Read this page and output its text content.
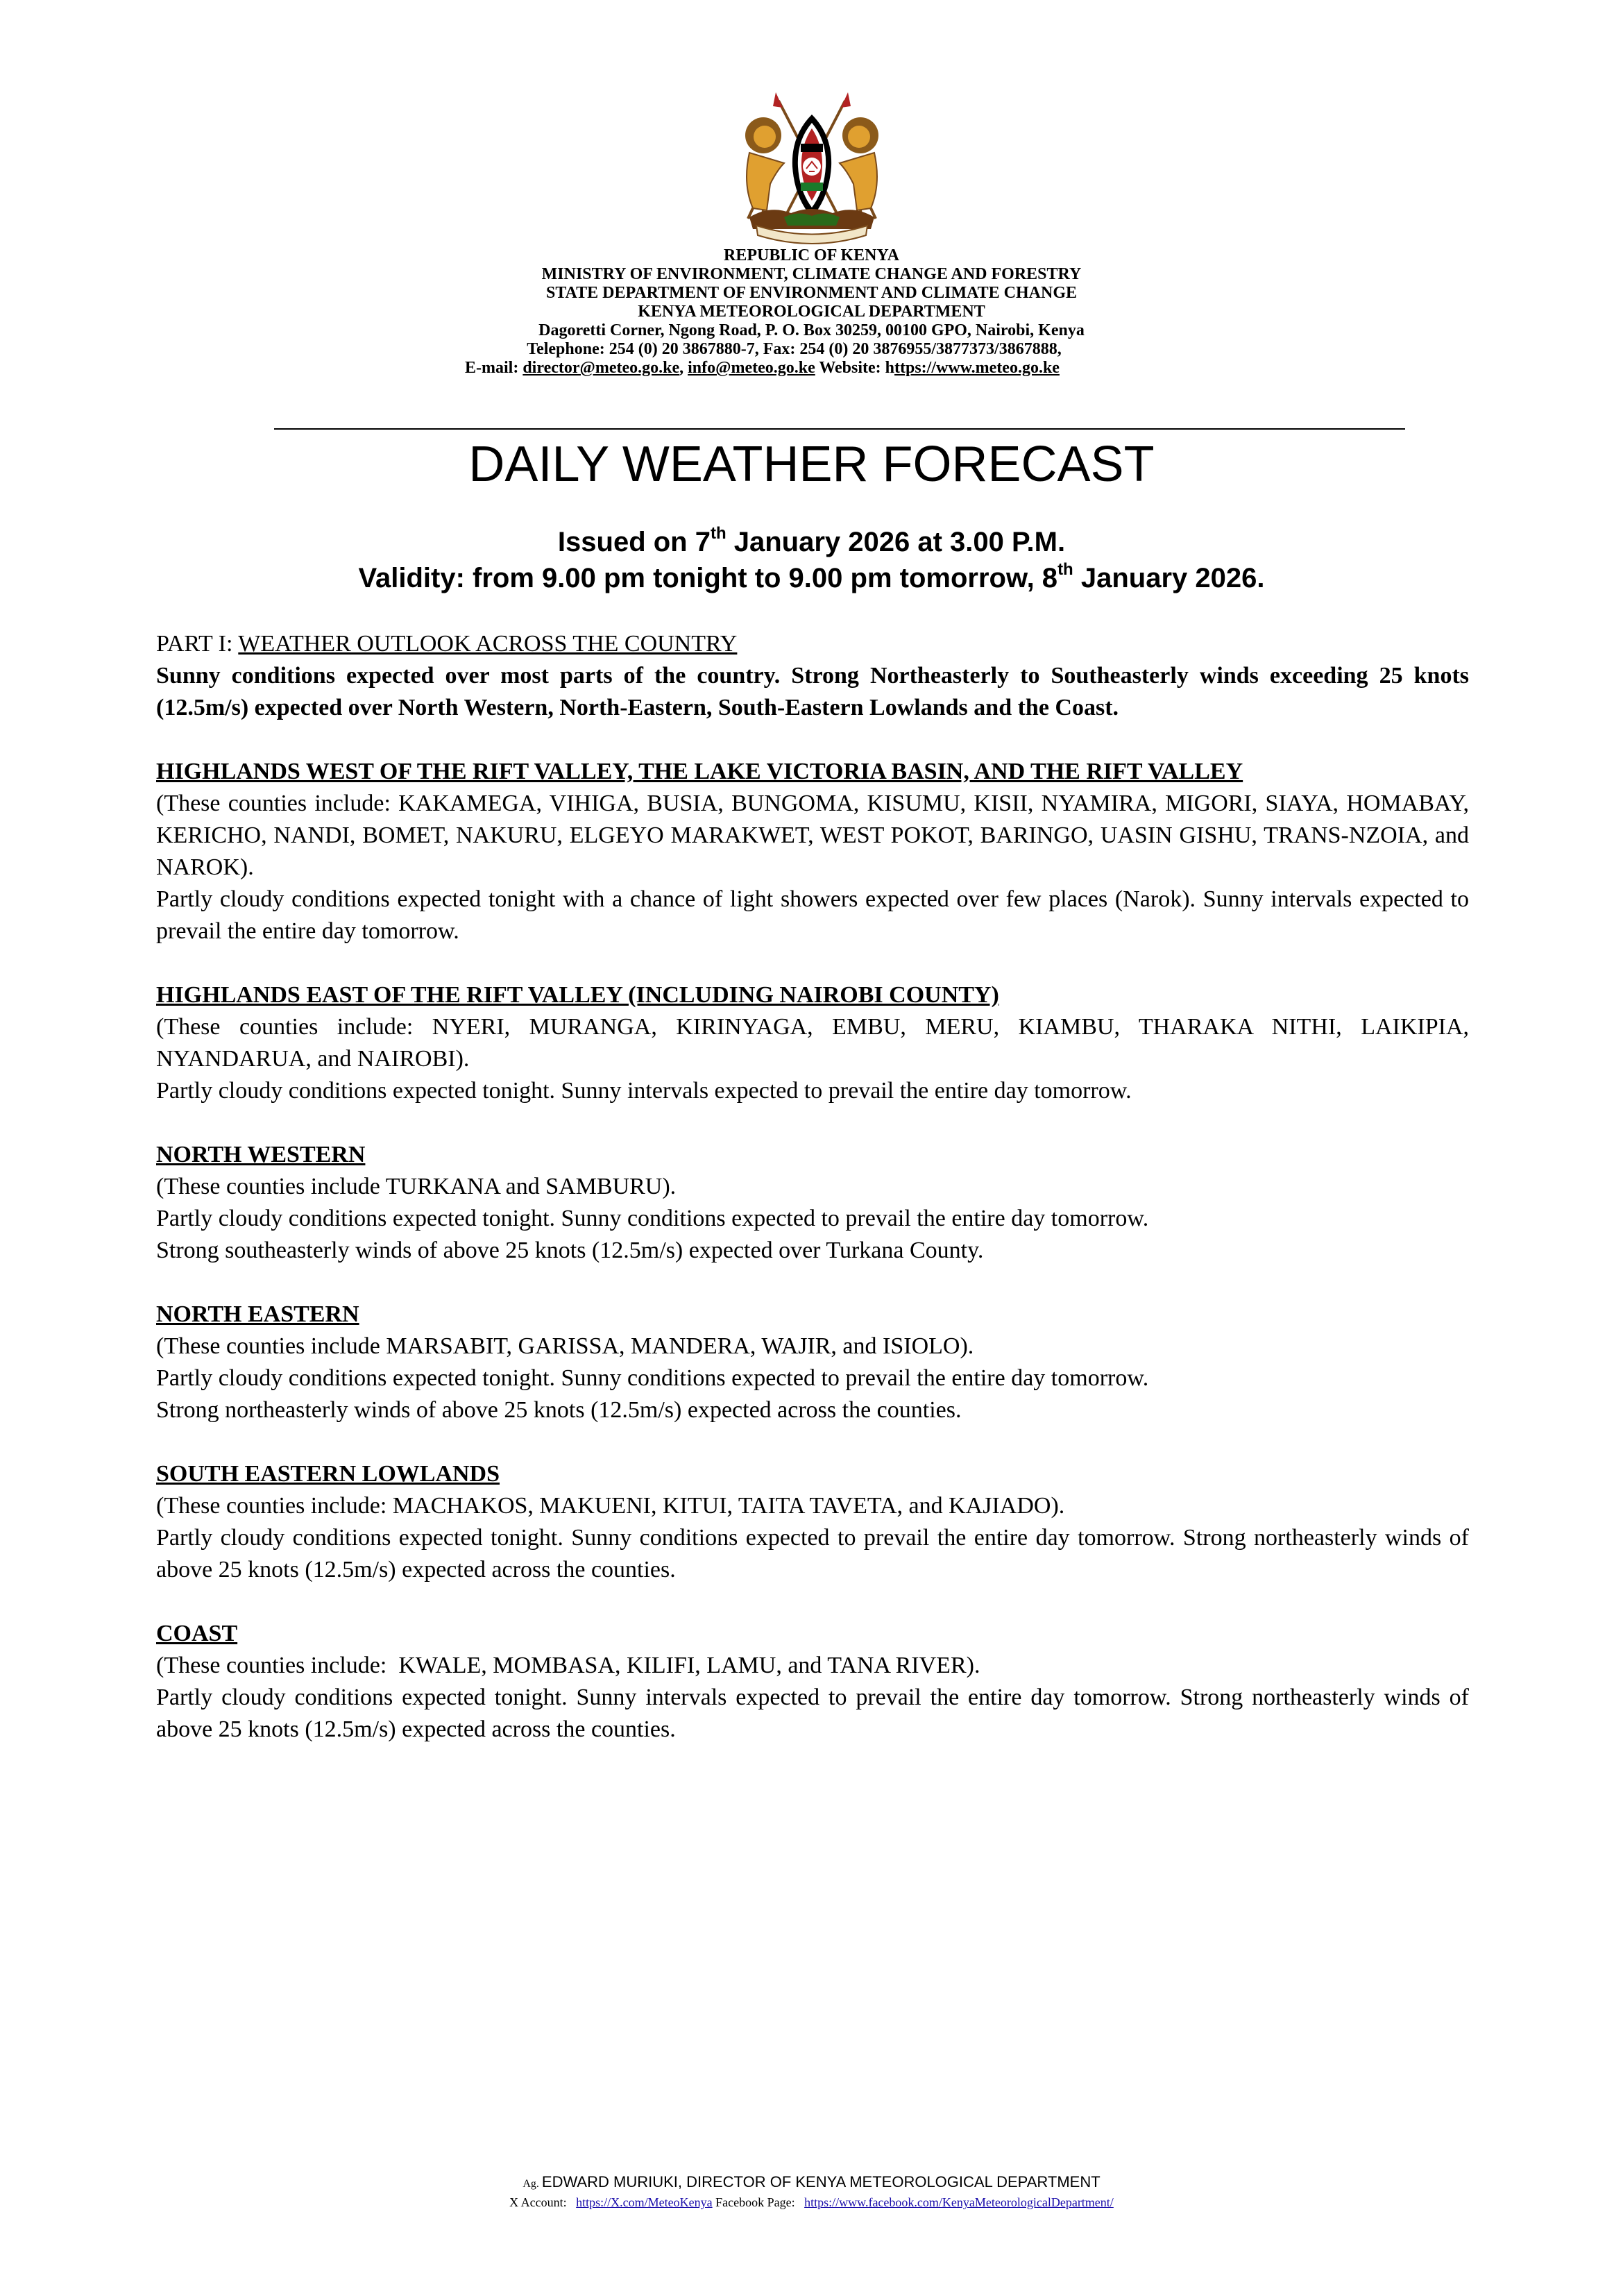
REPUBLIC OF KENYA
MINISTRY OF ENVIRONMENT, CLIMATE CHANGE AND FORESTRY
STATE DEPARTMENT OF ENVIRONMENT AND CLIMATE CHANGE
KENYA METEOROLOGICAL DEPARTMENT
Dagoretti Corner, Ngong Road, P. O. Box 30259, 00100 GPO, Nairobi, Kenya
Telephone: 254 (0) 20 3867880-7, Fax: 254 (0) 20 3876955/3877373/3867888,
E-mail: director@meteo.go.ke, info@meteo.go.ke Website: https://www.meteo.go.ke
DAILY WEATHER FORECAST
Issued on 7th January 2026 at 3.00 P.M.
Validity: from 9.00 pm tonight to 9.00 pm tomorrow, 8th January 2026.
PART I: WEATHER OUTLOOK ACROSS THE COUNTRY
Sunny conditions expected over most parts of the country. Strong Northeasterly to Southeasterly winds exceeding 25 knots (12.5m/s) expected over North Western, North-Eastern, South-Eastern Lowlands and the Coast.
HIGHLANDS WEST OF THE RIFT VALLEY, THE LAKE VICTORIA BASIN, AND THE RIFT VALLEY
(These counties include: KAKAMEGA, VIHIGA, BUSIA, BUNGOMA, KISUMU, KISII, NYAMIRA, MIGORI, SIAYA, HOMABAY, KERICHO, NANDI, BOMET, NAKURU, ELGEYO MARAKWET, WEST POKOT, BARINGO, UASIN GISHU, TRANS-NZOIA, and NAROK).
Partly cloudy conditions expected tonight with a chance of light showers expected over few places (Narok). Sunny intervals expected to prevail the entire day tomorrow.
HIGHLANDS EAST OF THE RIFT VALLEY (INCLUDING NAIROBI COUNTY)
(These counties include: NYERI, MURANGA, KIRINYAGA, EMBU, MERU, KIAMBU, THARAKA NITHI, LAIKIPIA, NYANDARUA, and NAIROBI).
Partly cloudy conditions expected tonight. Sunny intervals expected to prevail the entire day tomorrow.
NORTH WESTERN
(These counties include TURKANA and SAMBURU).
Partly cloudy conditions expected tonight. Sunny conditions expected to prevail the entire day tomorrow.
Strong southeasterly winds of above 25 knots (12.5m/s) expected over Turkana County.
NORTH EASTERN
(These counties include MARSABIT, GARISSA, MANDERA, WAJIR, and ISIOLO).
Partly cloudy conditions expected tonight. Sunny conditions expected to prevail the entire day tomorrow.
Strong northeasterly winds of above 25 knots (12.5m/s) expected across the counties.
SOUTH EASTERN LOWLANDS
(These counties include: MACHAKOS, MAKUENI, KITUI, TAITA TAVETA, and KAJIADO).
Partly cloudy conditions expected tonight. Sunny conditions expected to prevail the entire day tomorrow. Strong northeasterly winds of above 25 knots (12.5m/s) expected across the counties.
COAST
(These counties include:  KWALE, MOMBASA, KILIFI, LAMU, and TANA RIVER).
Partly cloudy conditions expected tonight. Sunny intervals expected to prevail the entire day tomorrow. Strong northeasterly winds of above 25 knots (12.5m/s) expected across the counties.
Ag. EDWARD MURIUKI, DIRECTOR OF KENYA METEOROLOGICAL DEPARTMENT
X Account:   https://X.com/MeteoKenya Facebook Page:   https://www.facebook.com/KenyaMeteorologicalDepartment/
